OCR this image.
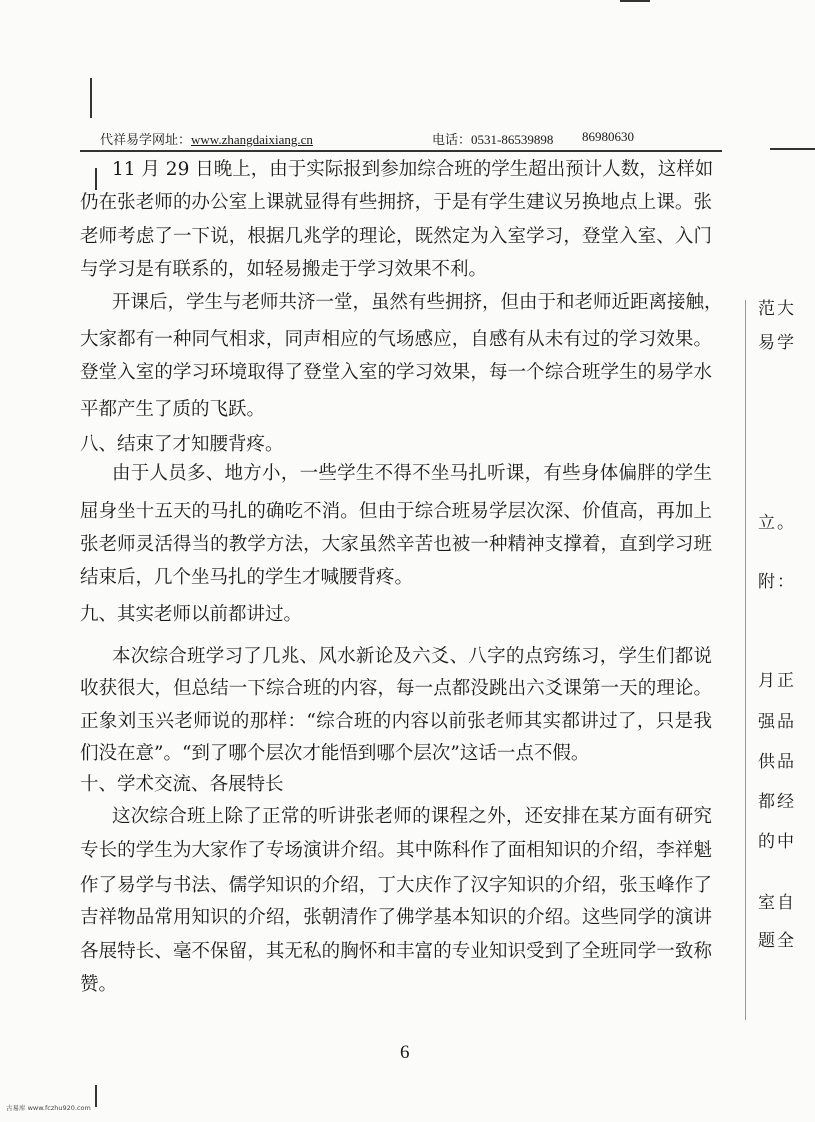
代祥易学网址：www.zhangdaixiang.cn	电话：0531-86539898 86980630
11 月 29 日晚上，由于实际报到参加综合班的学生超出预计人数，这样如
仍在张老师的办公室上课就显得有些拥挤，于是有学生建议另换地点上课。张
老师考虑了一下说，根据几兆学的理论，既然定为入室学习，登堂入室、入门
与学习是有联系的，如轻易搬走于学习效果不利。
开课后，学生与老师共济一堂，虽然有些拥挤，但由于和老师近距离接触，
大家都有一种同气相求，同声相应的气场感应，自感有从未有过的学习效果。
登堂入室的学习环境取得了登堂入室的学习效果，每一个综合班学生的易学水
平都产生了质的飞跃。
八、结束了才知腰背疼。
由于人员多、地方小，一些学生不得不坐马扎听课，有些身体偏胖的学生
屈身坐十五天的马扎的确吃不消。但由于综合班易学层次深、价值高，再加上
张老师灵活得当的教学方法，大家虽然辛苦也被一种精神支撑着，直到学习班
结束后，几个坐马扎的学生才喊腰背疼。
九、其实老师以前都讲过。
本次综合班学习了几兆、风水新论及六爻、八字的点窍练习，学生们都说
收获很大，但总结一下综合班的内容，每一点都没跳出六爻课第一天的理论。
正象刘玉兴老师说的那样：“综合班的内容以前张老师其实都讲过了，只是我
们没在意”。“到了哪个层次才能悟到哪个层次”这话一点不假。
十、学术交流、各展特长
这次综合班上除了正常的听讲张老师的课程之外，还安排在某方面有研究
专长的学生为大家作了专场演讲介绍。其中陈科作了面相知识的介绍，李祥魁
作了易学与书法、儒学知识的介绍，丁大庆作了汉字知识的介绍，张玉峰作了
吉祥物品常用知识的介绍，张朝清作了佛学基本知识的介绍。这些同学的演讲
各展特长、毫不保留，其无私的胸怀和丰富的专业知识受到了全班同学一致称
赞。
范大
易学
立。
附：
月正
强品
供品
都经
的中
室自
题全
6
古易库 www.fczhu920.com
